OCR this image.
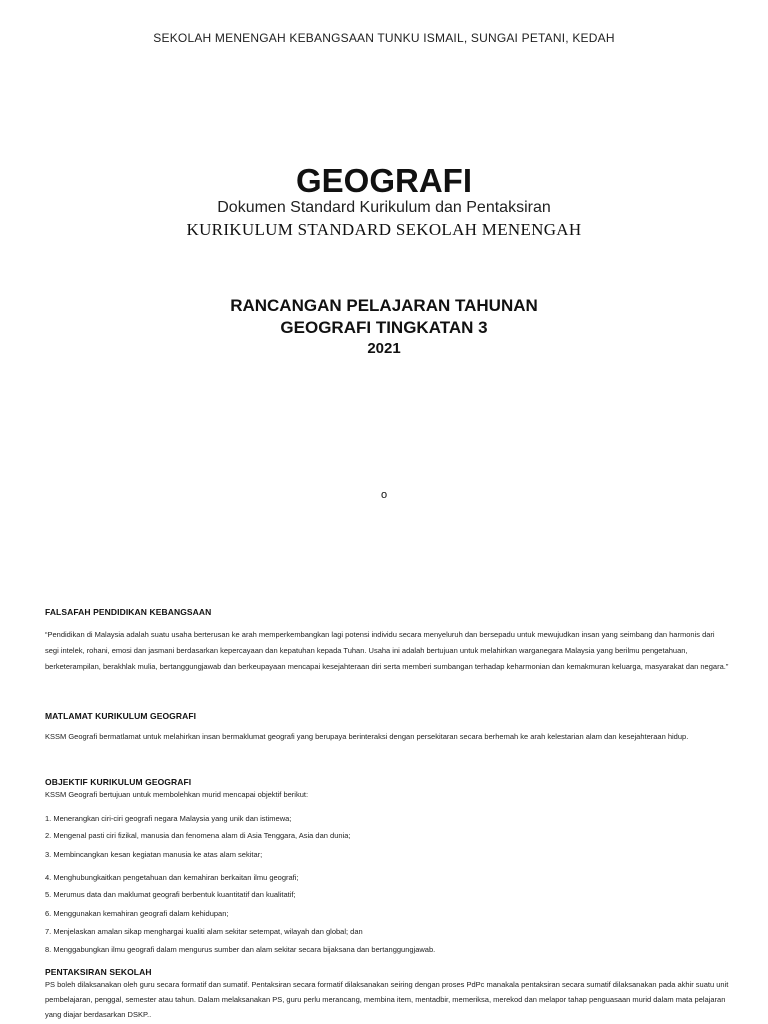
SEKOLAH MENENGAH KEBANGSAAN TUNKU ISMAIL, SUNGAI PETANI, KEDAH
GEOGRAFI
Dokumen Standard Kurikulum dan Pentaksiran
KURIKULUM STANDARD SEKOLAH MENENGAH
RANCANGAN PELAJARAN TAHUNAN
GEOGRAFI TINGKATAN 3
2021
o
FALSAFAH PENDIDIKAN KEBANGSAAN
“Pendidikan di Malaysia adalah suatu usaha berterusan ke arah memperkembangkan lagi potensi individu secara menyeluruh dan bersepadu untuk mewujudkan insan yang seimbang dan harmonis dari segi intelek, rohani, emosi dan jasmani berdasarkan kepercayaan dan kepatuhan kepada Tuhan. Usaha ini adalah bertujuan untuk melahirkan warganegara Malaysia yang berilmu pengetahuan, berketerampilan, berakhlak mulia, bertanggungjawab dan berkeupayaan mencapai kesejahteraan diri serta memberi sumbangan terhadap keharmonian dan kemakmuran keluarga, masyarakat dan negara.”
MATLAMAT KURIKULUM GEOGRAFI
KSSM Geografi bermatlamat untuk melahirkan insan bermaklumat geografi yang berupaya berinteraksi dengan persekitaran secara berhemah ke arah kelestarian alam dan kesejahteraan hidup.
OBJEKTIF KURIKULUM GEOGRAFI
KSSM Geografi bertujuan untuk membolehkan murid mencapai objektif berikut:
1. Menerangkan ciri-ciri geografi negara Malaysia yang unik dan istimewa;
2. Mengenal pasti ciri fizikal, manusia dan fenomena alam di Asia Tenggara, Asia dan dunia;
3. Membincangkan kesan kegiatan manusia ke atas alam sekitar;
4. Menghubungkaitkan pengetahuan dan kemahiran berkaitan ilmu geografi;
5. Merumus data dan maklumat geografi berbentuk kuantitatif dan kualitatif;
6. Menggunakan kemahiran geografi dalam kehidupan;
7. Menjelaskan amalan sikap menghargai kualiti alam sekitar setempat, wilayah dan global; dan
8. Menggabungkan ilmu geografi dalam mengurus sumber dan alam sekitar secara bijaksana dan bertanggungjawab.
PENTAKSIRAN SEKOLAH
PS boleh dilaksanakan oleh guru secara formatif dan sumatif. Pentaksiran secara formatif dilaksanakan seiring dengan proses PdPc manakala pentaksiran secara sumatif dilaksanakan pada akhir suatu unit pembelajaran, penggal, semester atau tahun. Dalam melaksanakan PS, guru perlu merancang, membina item, mentadbir, memeriksa, merekod dan melapor tahap penguasaan murid dalam mata pelajaran yang diajar berdasarkan DSKP..
